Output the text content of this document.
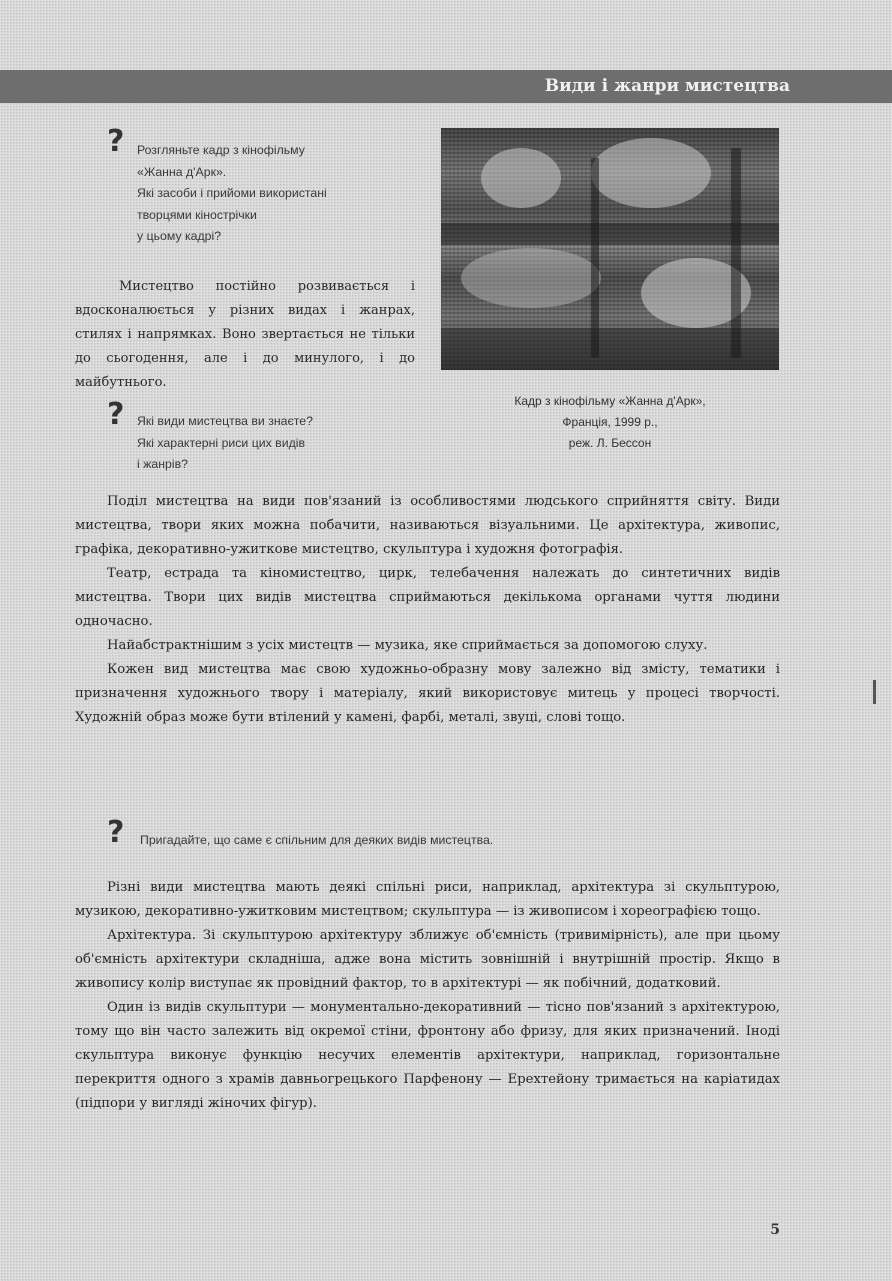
Види і жанри мистецтва
? Розгляньте кадр з кінофільму

«Жанна д'Арк».

Які засоби і прийоми використані

творцями кінострічки

у цьому кадрі?

Мистецтво постійно розвивається і вдосконалюється у різних видах і жанрах, стилях і напрямках. Воно звертається не тільки до сьогодення, але і до минулого, і до майбутнього.

? Які види мистецтва ви знаєте?

Які характерні риси цих видів

і жанрів?

Кадр з кінофільму «Жанна д'Арк»,

Франція, 1999 р.,

реж. Л. Бессон

Поділ мистецтва на види пов'язаний із особливостями людського сприйняття світу. Види мистецтва, твори яких можна побачити, називаються візуальними. Це архітектура, живопис, графіка, декоративно-ужиткове мистецтво, скульптура і художня фотографія.

Театр, естрада та кіномистецтво, цирк, телебачення належать до синтетичних видів мистецтва. Твори цих видів мистецтва сприймаються декількома органами чуття людини одночасно.

Найабстрактнішим з усіх мистецтв — музика, яке сприймається за допомогою слуху.

Кожен вид мистецтва має свою художньо-образну мову залежно від змісту, тематики і призначення художнього твору і матеріалу, який використовує митець у процесі творчості. Художній образ може бути втілений у камені, фарбі, металі, звуці, слові тощо.

? Пригадайте, що саме є спільним для деяких видів мистецтва.

Різні види мистецтва мають деякі спільні риси, наприклад, архітектура зі скульптурою, музикою, декоративно-ужитковим мистецтвом; скульптура — із живописом і хореографією тощо.

Архітектура. Зі скульптурою архітектуру зближує об'ємність (тривимірність), але при цьому об'ємність архітектури складніша, адже вона містить зовнішній і внутрішній простір. Якщо в живопису колір виступає як провідний фактор, то в архітектурі — як побічний, додатковий.

Один із видів скульптури — монументально-декоративний — тісно пов'язаний з архітектурою, тому що він часто залежить від окремої стіни, фронтону або фризу, для яких призначений. Іноді скульптура виконує функцію несучих елементів архітектури, наприклад, горизонтальне перекриття одного з храмів давньогрецького Парфенону — Ерехтейону тримається на каріатидах (підпори у вигляді жіночих фігур).

5
